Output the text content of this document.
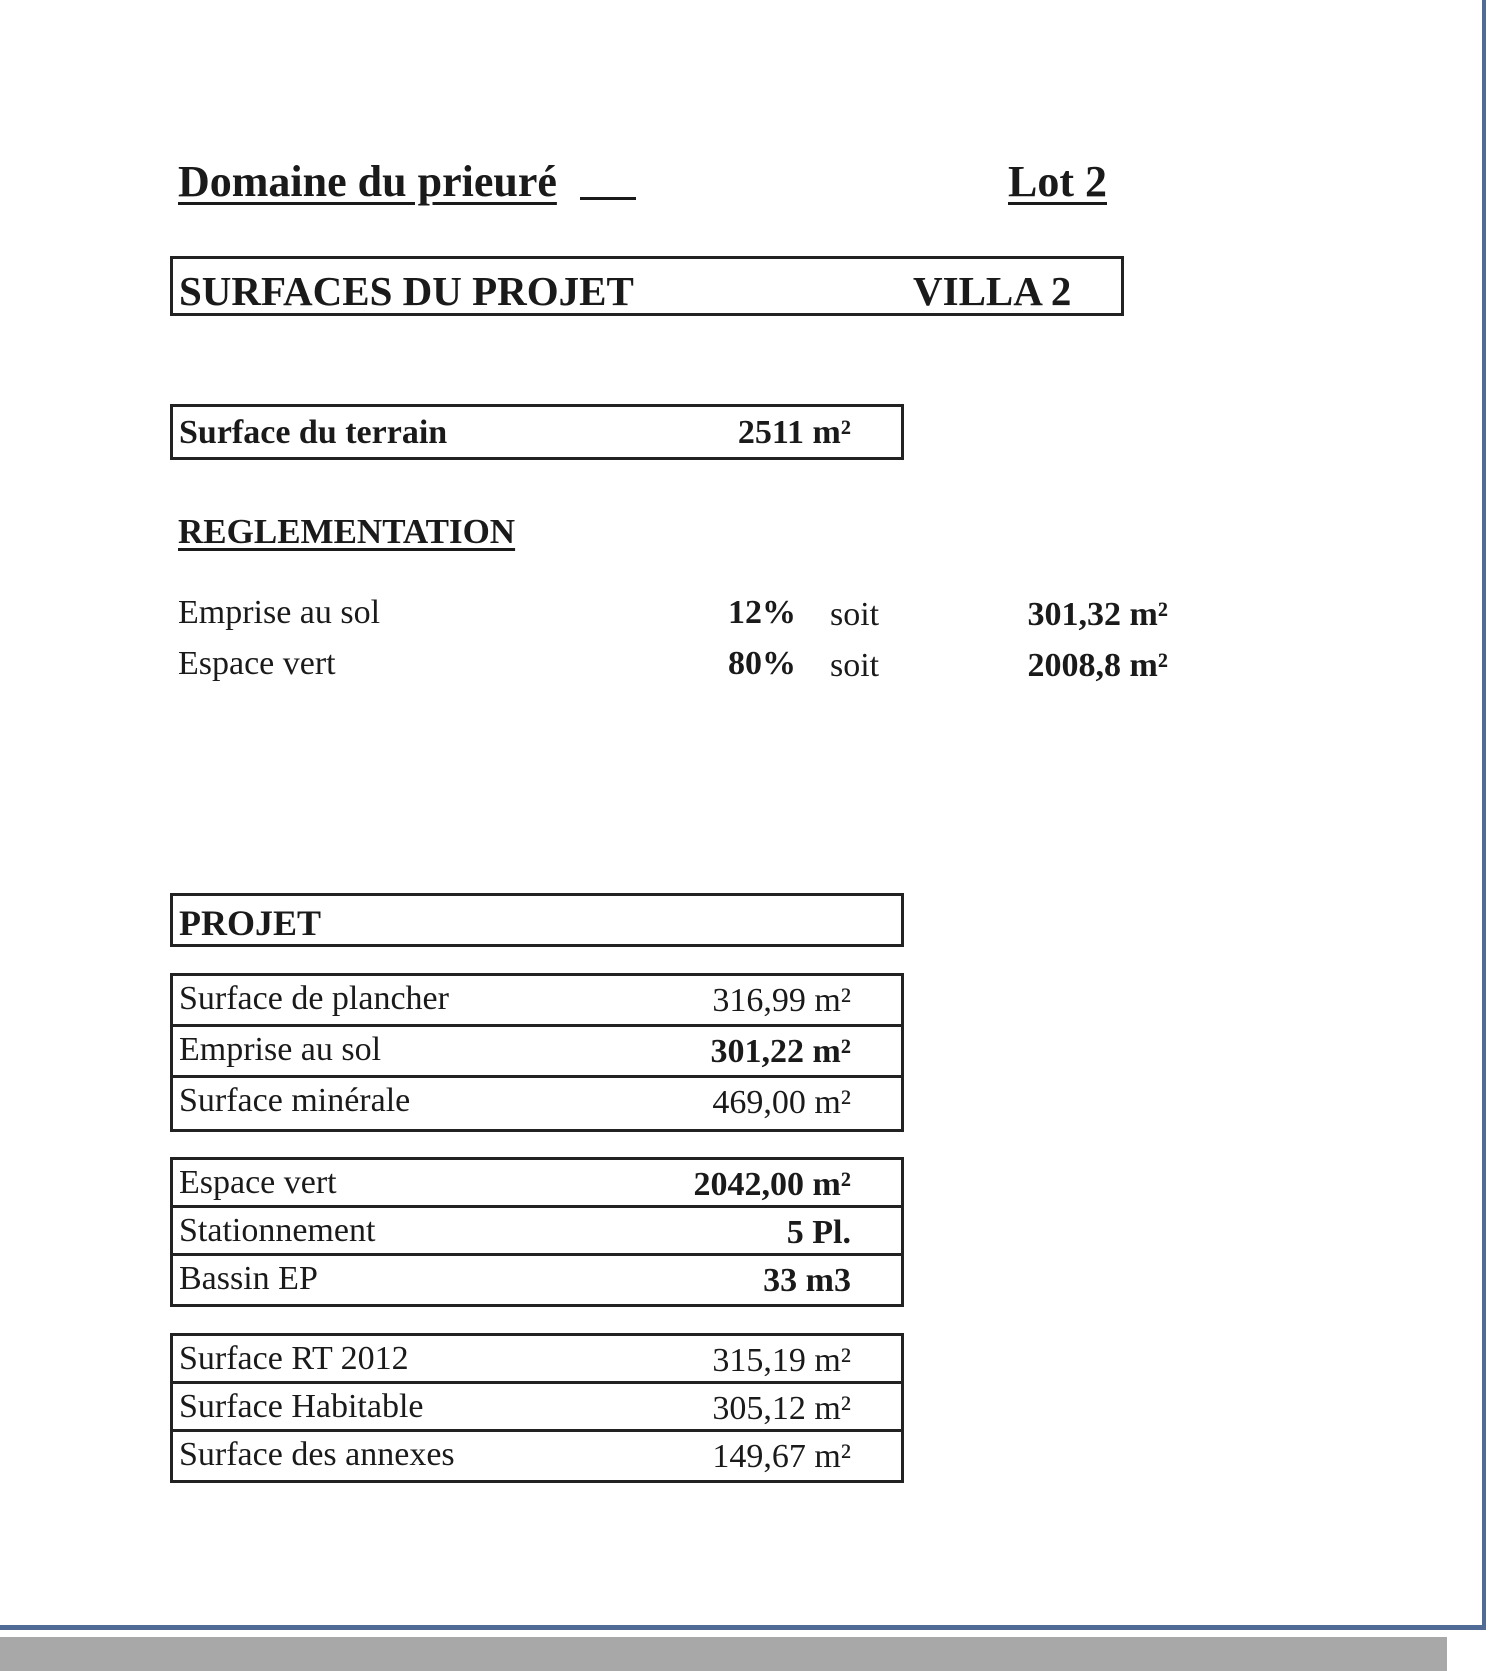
Domaine du prieuré	Lot 2
SURFACES DU PROJET	VILLA 2
Surface du terrain	2511 m²
REGLEMENTATION
Emprise au sol	12% soit	301,32 m²
Espace vert	80% soit	2008,8 m²
PROJET
Surface de plancher	316,99 m²
Emprise au sol	301,22 m²
Surface minérale	469,00 m²
Espace vert	2042,00 m²
Stationnement	5 Pl.
Bassin EP	33 m3
Surface RT 2012	315,19 m²
Surface Habitable	305,12 m²
Surface des annexes	149,67 m²
